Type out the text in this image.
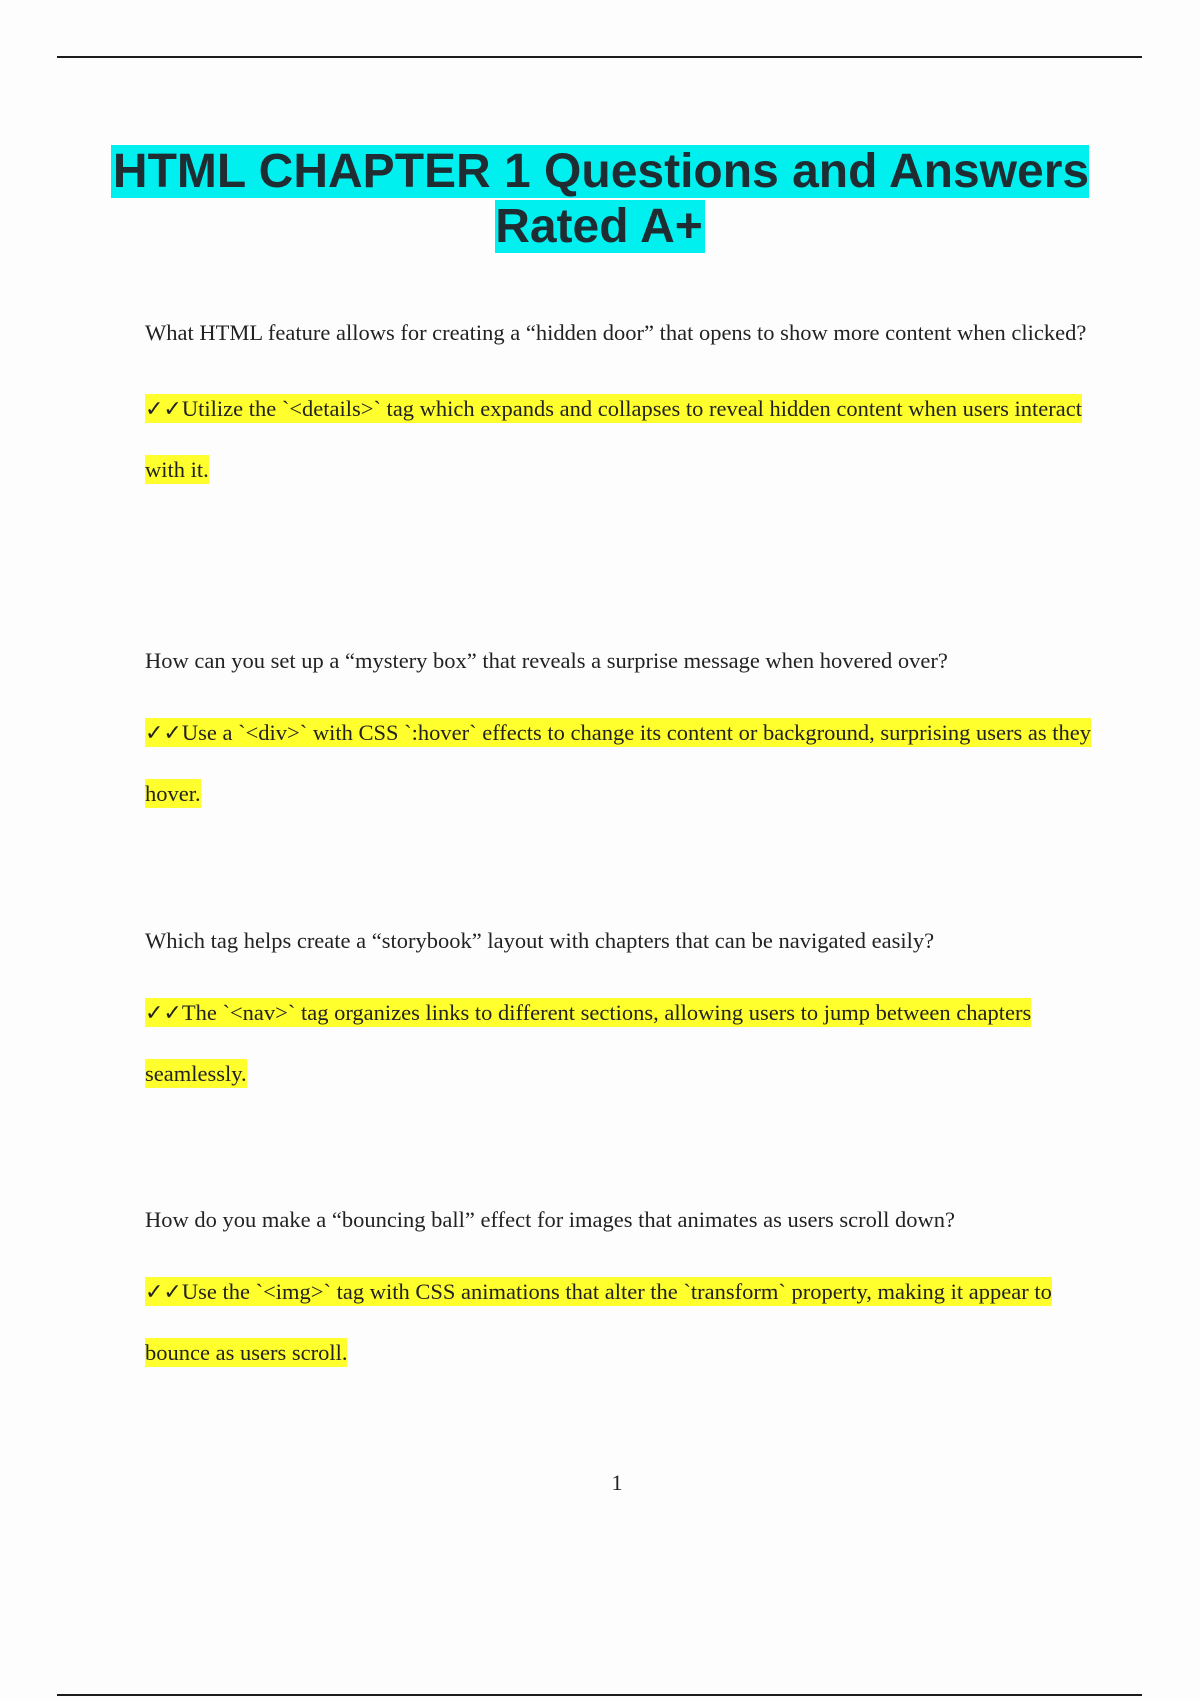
HTML CHAPTER 1 Questions and Answers Rated A+

What HTML feature allows for creating a “hidden door” that opens to show more content when clicked?

✓✓Utilize the `<details>` tag which expands and collapses to reveal hidden content when users interact with it.

How can you set up a “mystery box” that reveals a surprise message when hovered over?

✓✓Use a `<div>` with CSS `:hover` effects to change its content or background, surprising users as they hover.

Which tag helps create a “storybook” layout with chapters that can be navigated easily?

✓✓The `<nav>` tag organizes links to different sections, allowing users to jump between chapters seamlessly.

How do you make a “bouncing ball” effect for images that animates as users scroll down?

✓✓Use the `<img>` tag with CSS animations that alter the `transform` property, making it appear to bounce as users scroll.

1
